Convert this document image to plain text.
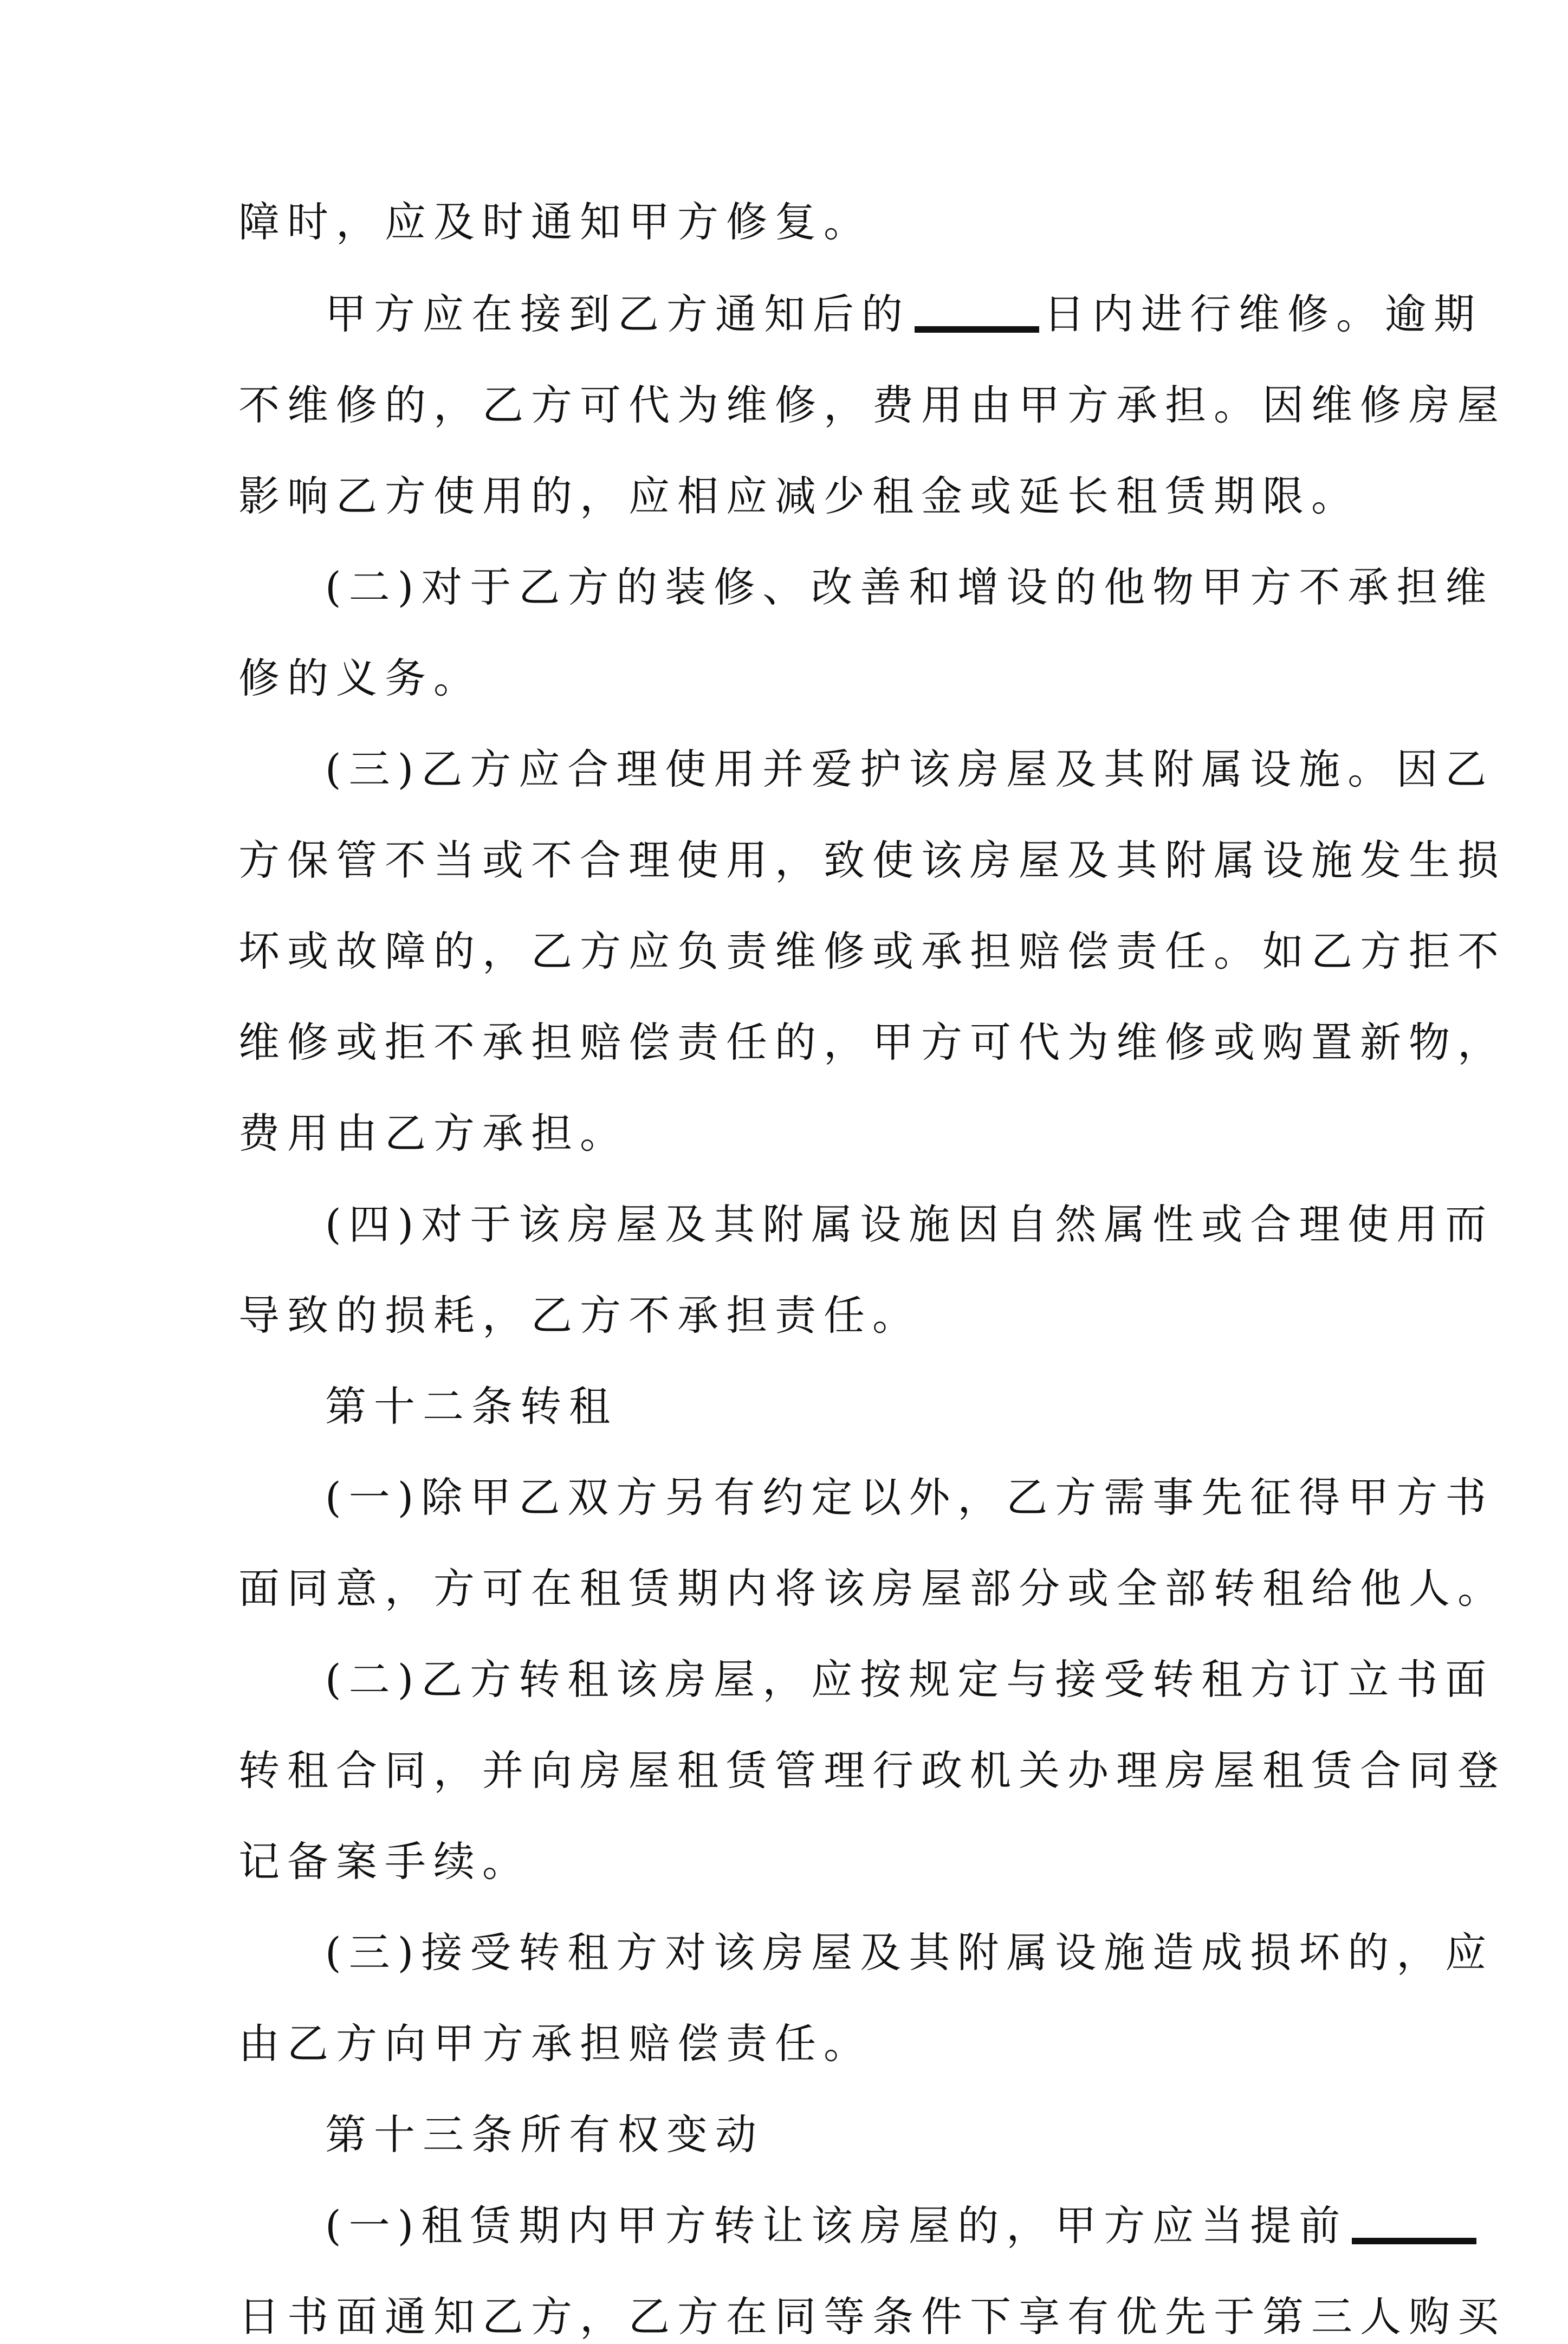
障时，应及时通知甲方修复。
甲方应在接到乙方通知后的	日内进行维修。逾期
不维修的，乙方可代为维修，费用由甲方承担。因维修房屋
影响乙方使用的，应相应减少租金或延长租赁期限。
(二)对于乙方的装修、改善和增设的他物甲方不承担维
修的义务。
(三)乙方应合理使用并爱护该房屋及其附属设施。因乙
方保管不当或不合理使用，致使该房屋及其附属设施发生损
坏或故障的，乙方应负责维修或承担赔偿责任。如乙方拒不
维修或拒不承担赔偿责任的，甲方可代为维修或购置新物，
费用由乙方承担。
(四)对于该房屋及其附属设施因自然属性或合理使用而
导致的损耗，乙方不承担责任。
第十二条转租
(一)除甲乙双方另有约定以外，乙方需事先征得甲方书
面同意，方可在租赁期内将该房屋部分或全部转租给他人。
(二)乙方转租该房屋，应按规定与接受转租方订立书面
转租合同，并向房屋租赁管理行政机关办理房屋租赁合同登
记备案手续。
(三)接受转租方对该房屋及其附属设施造成损坏的，应
由乙方向甲方承担赔偿责任。
第十三条所有权变动
(一)租赁期内甲方转让该房屋的，甲方应当提前
日书面通知乙方，乙方在同等条件下享有优先于第三人购买
